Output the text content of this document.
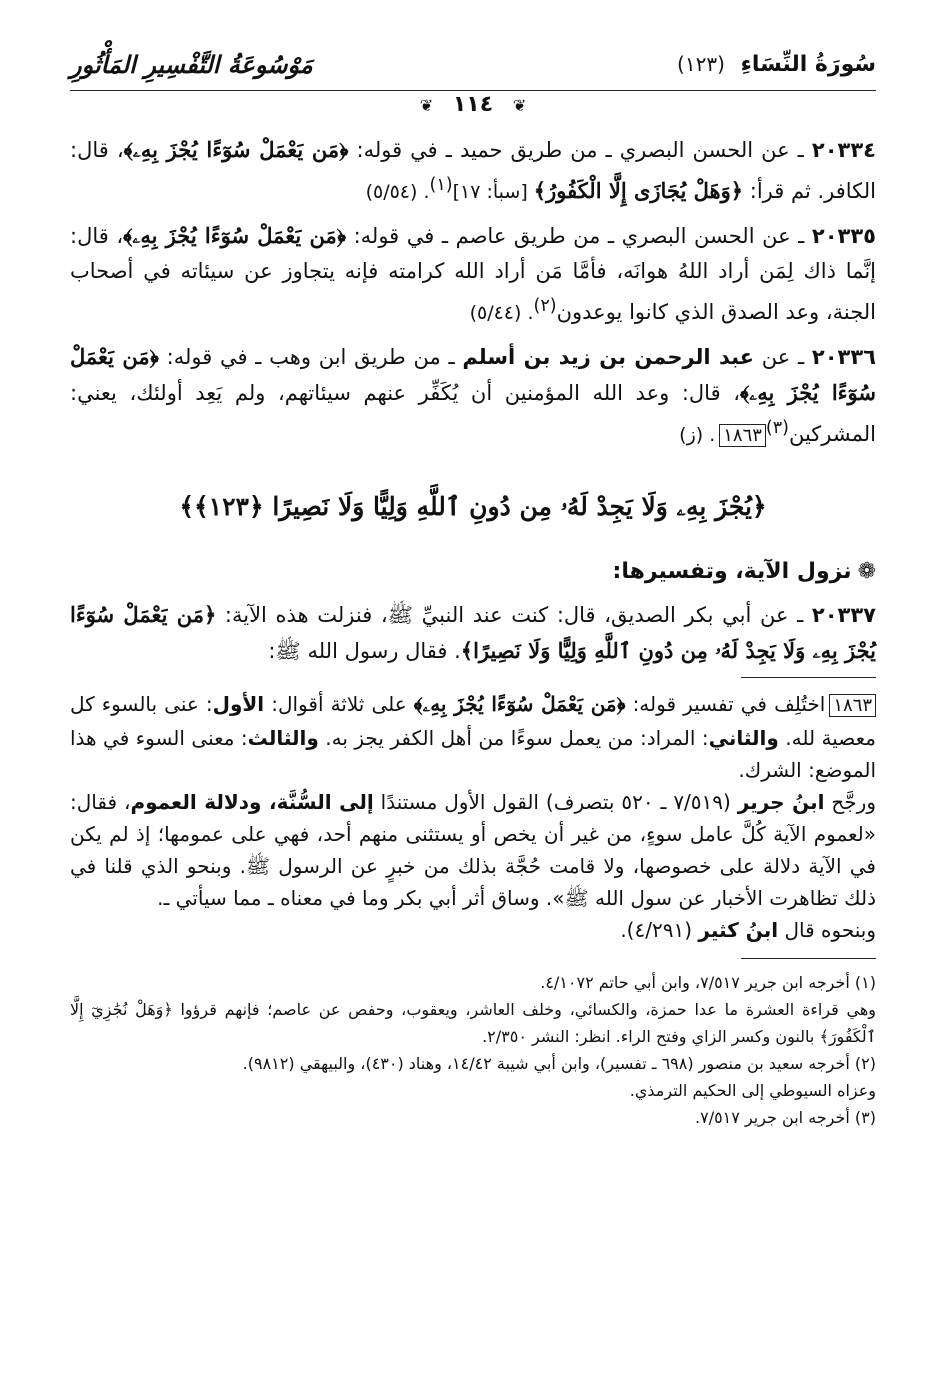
سُورَةُ النِّسَاءِ (١٢٣)
مَوْسُوعَةُ التَّفْسِيرِ المَأْثُورِ
❦ ١١٤ ❦

٢٠٣٣٤ ـ عن الحسن البصري ـ من طريق حميد ـ في قوله: ﴿مَن يَعْمَلْ سُوٓءًا يُجْزَ بِهِۦ﴾، قال: الكافر. ثم قرأ: ﴿وَهَلْ يُجَازَى إِلَّا الْكَفُورُ﴾ [سبأ: ١٧]$^{(١)}$. (٥/٥٤)

٢٠٣٣٥ ـ عن الحسن البصري ـ من طريق عاصم ـ في قوله: ﴿مَن يَعْمَلْ سُوٓءًا يُجْزَ بِهِۦ﴾، قال: إنَّما ذاك لِمَن أراد اللهُ هوانَه، فأمَّا مَن أراد الله كرامته فإنه يتجاوز عن سيئاته في أصحاب الجنة، وعد الصدق الذي كانوا يوعدون$^{(٢)}$. (٥/٤٤)

٢٠٣٣٦ ـ عن عبد الرحمن بن زيد بن أسلم ـ من طريق ابن وهب ـ في قوله: ﴿مَن يَعْمَلْ سُوٓءًا يُجْزَ بِهِۦ﴾، قال: وعد الله المؤمنين أن يُكَفِّر عنهم سيئاتهم، ولم يَعِد أولئك، يعني: المشركين$^{(٣)}$١٨٦٣. (ز)

﴿يُجْزَ بِهِۦ وَلَا يَجِدْ لَهُۥ مِن دُونِ ٱللَّهِ وَلِيًّا وَلَا نَصِيرًا ﴿١٢٣﴾﴾
❁نزول الآية، وتفسيرها:

٢٠٣٣٧ ـ عن أبي بكر الصديق، قال: كنت عند النبيِّ ﷺ، فنزلت هذه الآية: ﴿مَن يَعْمَلْ سُوٓءًا يُجْزَ بِهِۦ وَلَا يَجِدْ لَهُۥ مِن دُونِ ٱللَّهِ وَلِيًّا وَلَا نَصِيرًا﴾. فقال رسول الله ﷺ:

١٨٦٣اختُلِف في تفسير قوله: ﴿مَن يَعْمَلْ سُوٓءًا يُجْزَ بِهِۦ﴾ على ثلاثة أقوال: الأول: عنى بالسوء كل معصية لله. والثاني: المراد: من يعمل سوءًا من أهل الكفر يجز به. والثالث: معنى السوء في هذا الموضع: الشرك.

ورجَّح ابنُ جرير (٧/٥١٩ ـ ٥٢٠ بتصرف) القول الأول مستندًا إلى السُّنَّة، ودلالة العموم، فقال: «لعموم الآية كُلَّ عامل سوءٍ، من غير أن يخص أو يستثنى منهم أحد، فهي على عمومها؛ إذ لم يكن في الآية دلالة على خصوصها، ولا قامت حُجَّة بذلك من خبرٍ عن الرسول ﷺ. وبنحو الذي قلنا في ذلك تظاهرت الأخبار عن سول الله ﷺ». وساق أثر أبي بكر وما في معناه ـ مما سيأتي ـ.

وبنحوه قال ابنُ كثير (٤/٢٩١).

(١) أخرجه ابن جرير ٧/٥١٧، وابن أبي حاتم ٤/١٠٧٢.

وهي قراءة العشرة ما عدا حمزة، والكسائي، وخلف العاشر، ويعقوب، وحفص عن عاصم؛ فإنهم قرؤوا ﴿وَهَلْ نُجَٰزِيٓ إِلَّا ٱلْكَفُورَ﴾ بالنون وكسر الزاي وفتح الراء. انظر: النشر ٢/٣٥٠.

(٢) أخرجه سعيد بن منصور (٦٩٨ ـ تفسير)، وابن أبي شيبة ١٤/٤٢، وهناد (٤٣٠)، والبيهقي (٩٨١٢).

وعزاه السيوطي إلى الحكيم الترمذي.

(٣) أخرجه ابن جرير ٧/٥١٧.
